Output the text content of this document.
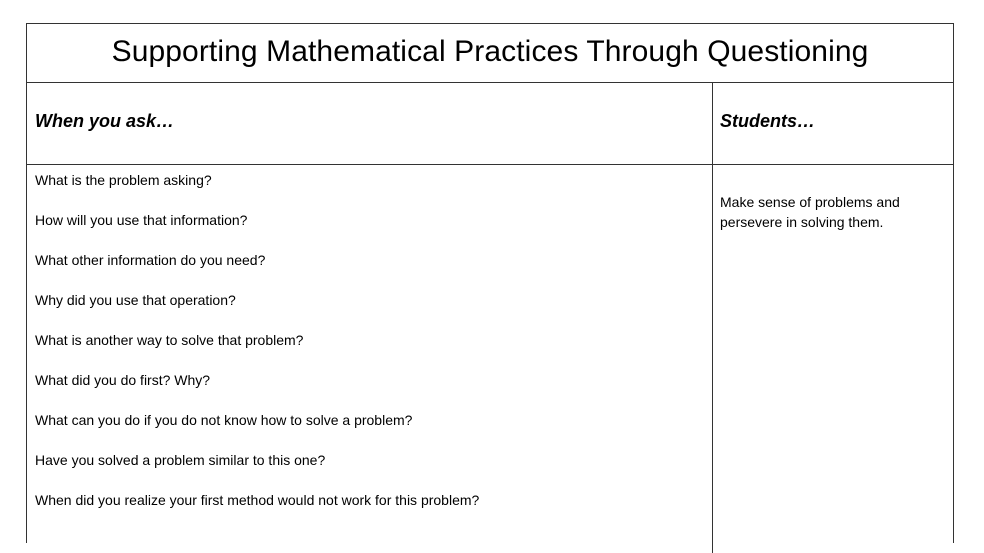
Supporting Mathematical Practices Through Questioning
When you ask…	Students…
What is the problem asking?
How will you use that information?
What other information do you need?
Why did you use that operation?
What is another way to solve that problem?
What did you do first? Why?
What can you do if you do not know how to solve a problem?
Have you solved a problem similar to this one?
When did you realize your first method would not work for this problem?

Make sense of problems and persevere in solving them.
